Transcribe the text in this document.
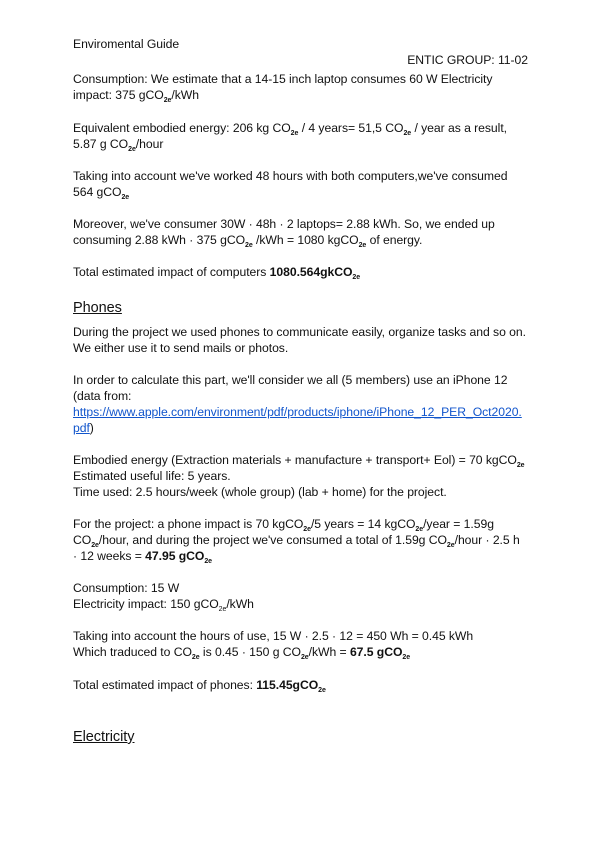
Enviromental Guide
ENTIC GROUP: 11-02
Consumption: We estimate that a 14-15 inch laptop consumes 60 W Electricity
impact: 375 gCO$_{2e}$/kWh
Equivalent embodied energy: 206 kg $CO_{2e} / 4$ years= 51,5 $CO_{2e}$ / year as a result,
5.87 g $CO_{2e}$/hour
Taking into account we've worked 48 hours with both computers,we've consumed
564 gCO$_{2e}$
Moreover, we've consumer 30W · 48h · 2 laptops= 2.88 kWh. So, we ended up
consuming 2.88 kWh · 375 gCO$_{2e}$ /kWh = 1080 kgCO$_{2e}$ of energy.
Total estimated impact of computers 1080.564gkCO$_{2e}$
Phones
During the project we used phones to communicate easily, organize tasks and so on.
We either use it to send mails or photos.
In order to calculate this part, we'll consider we all (5 members) use an iPhone 12
(data from:
https://www.apple.com/environment/pdf/products/iphone/iPhone_12_PER_Oct2020.
pdf)
Embodied energy (Extraction materials + manufacture + transport+ Eol) = 70 kgCO$_{2e}$
Estimated useful life: 5 years.
Time used: 2.5 hours/week (whole group) (lab + home) for the project.
For the project: a phone impact is 70 kgCO$_{2e}$/5 years = 14 kgCO$_{2e}$/year = 1.59g
$CO_{2e}$/hour, and during the project we've consumed a total of 1.59g $CO_{2e}$/hour · 2.5 h
· 12 weeks = 47.95 gCO$_{2e}$
Consumption: 15 W
Electricity impact: 150 gCO$_{2e}$/kWh
Taking into account the hours of use, 15 W · 2.5 · 12 = 450 Wh = 0.45 kWh
Which traduced to $CO_{2e}$ is 0.45 · 150 g $CO_{2e}$/kWh = 67.5 gCO$_{2e}$
Total estimated impact of phones: 115.45gCO$_{2e}$
Electricity
